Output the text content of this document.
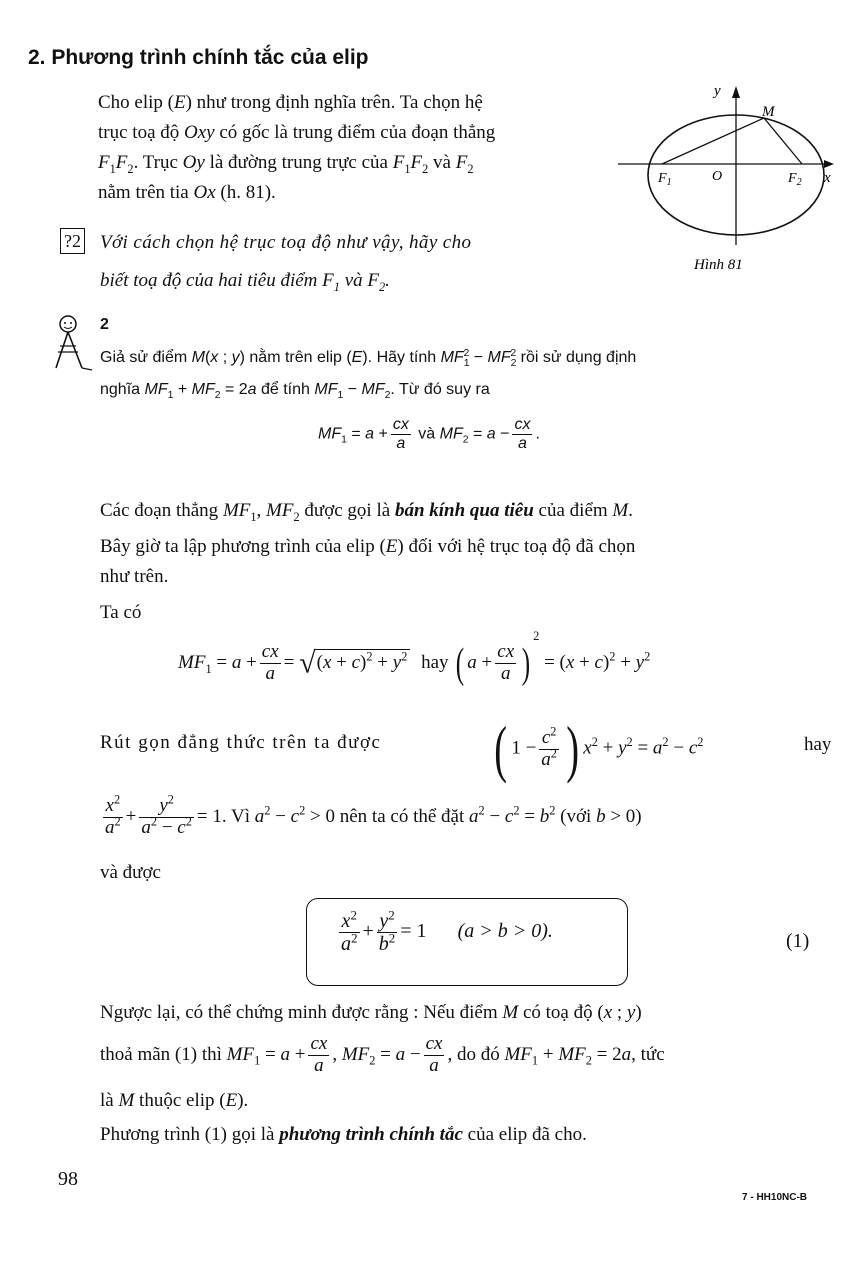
2. Phương trình chính tắc của elip

Cho elip (E) như trong định nghĩa trên. Ta chọn hệ

trục toạ độ Oxy có gốc là trung điểm của đoạn thẳng

$F_1F_2$. Trục Oy là đường trung trực của $F_1F_2$ và $F_2$

nằm trên tia Ox (h. 81).

y
M
O
$F_1$	$F_2$ x
Hình 81
?2 Với cách chọn hệ trục toạ độ như vậy, hãy cho

biết toạ độ của hai tiêu điểm $F_1$ và $F_2$.

2

Giả sử điểm M(x ; y) nằm trên elip (E). Hãy tính $MF_1^2 - MF_2^2$ rồi sử dụng định

nghĩa $MF_1 + MF_2 = 2a$ để tính $MF_1 - MF_2$. Từ đó suy ra

$MF_1 = a + \frac{cx}{a}$ và $MF_2 = a - \frac{cx}{a}$ .

Các đoạn thẳng $MF_1$, $MF_2$ được gọi là bán kính qua tiêu của điểm M.

Bây giờ ta lập phương trình của elip (E) đối với hệ trục toạ độ đã chọn

như trên.

Ta có

$MF_1 = a + \frac{cx}{a} = √(x + c)^2 + y^2$ hay ( $a + \frac{cx}{a} )^2 = (x + c)^2 + y^2$
Rút gọn đẳng thức trên ta được ( $1 - \frac{c^2}{a^2}$ ) $x^2 + y^2 = a^2 - c^2$	hay
$\frac{x^2}{a^2} + \frac{y^2}{a^2 - c^2} = 1$. Vì $a^2 - c^2 > 0$ nên ta có thể đặt $a^2 - c^2 = b^2$ (với b > 0)
và được
$\frac{x^2}{a^2} + \frac{y^2}{b^2} = 1$ (a > b > 0).	(1)
Ngược lại, có thể chứng minh được rằng : Nếu điểm M có toạ độ (x ; y)
thoả mãn (1) thì $MF_1 = a + \frac{cx}{a}$ , $MF_2 = a - \frac{cx}{a}$ , do đó $MF_1 + MF_2 = 2a$, tức
là M thuộc elip (E).
Phương trình (1) gọi là phương trình chính tắc của elip đã cho.
98
7 - HH10NC-B
